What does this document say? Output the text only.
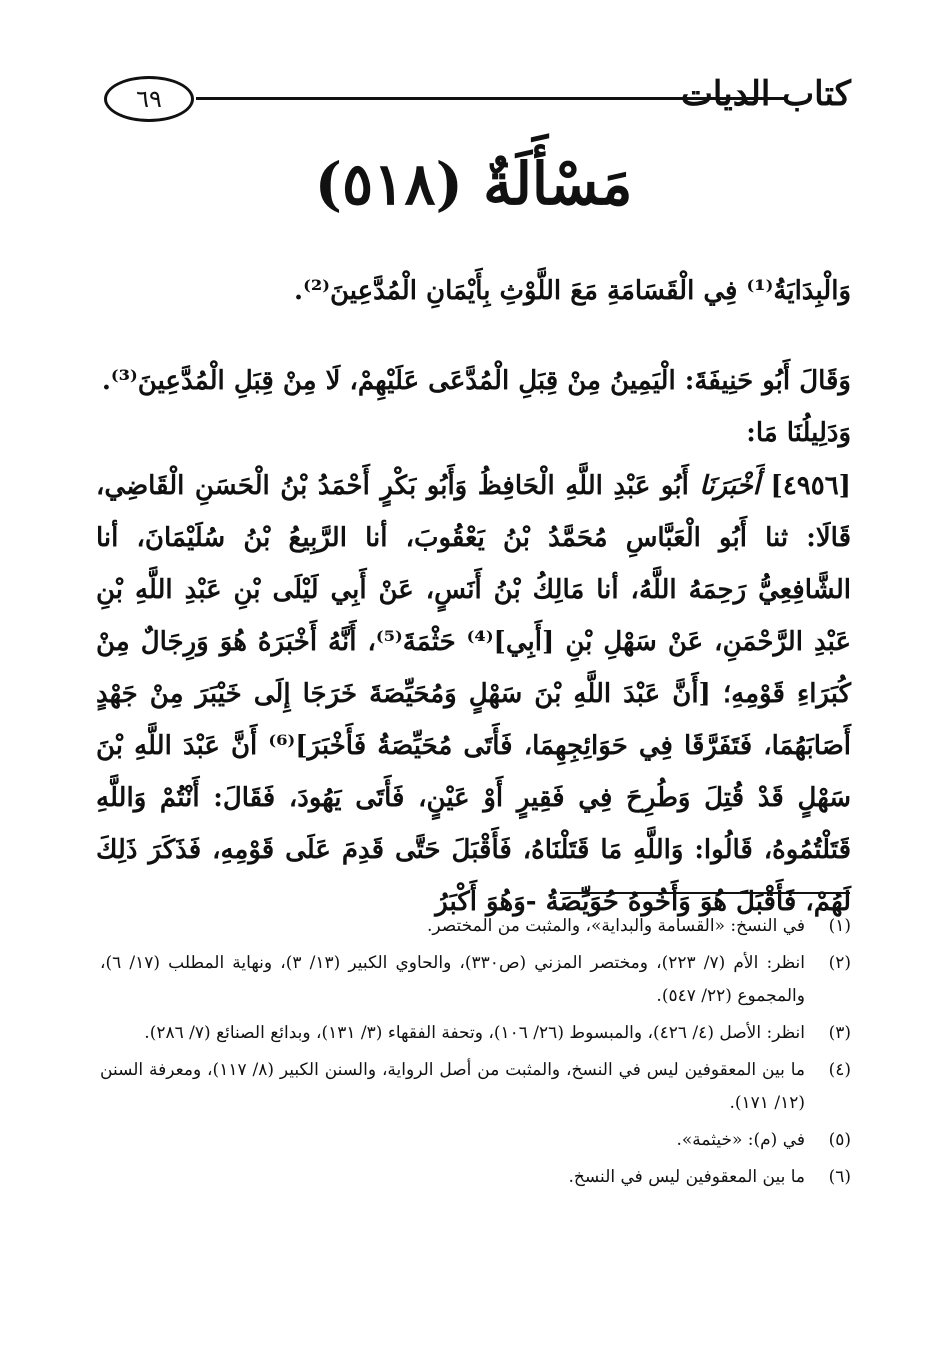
كتاب الديات
٦٩
مَسْأَلَةٌ (٥١٨)
وَالْبِدَايَةُ⁽¹⁾ فِي الْقَسَامَةِ مَعَ اللَّوْثِ بِأَيْمَانِ الْمُدَّعِينَ⁽²⁾.
وَقَالَ أَبُو حَنِيفَةَ: الْيَمِينُ مِنْ قِبَلِ الْمُدَّعَى عَلَيْهِمْ، لَا مِنْ قِبَلِ الْمُدَّعِينَ⁽³⁾.
وَدَلِيلُنَا مَا:
[٤٩٥٦] أَخْبَرَنَا أَبُو عَبْدِ اللَّهِ الْحَافِظُ وَأَبُو بَكْرٍ أَحْمَدُ بْنُ الْحَسَنِ الْقَاضِي، قَالَا: ثنا أَبُو الْعَبَّاسِ مُحَمَّدُ بْنُ يَعْقُوبَ، أنا الرَّبِيعُ بْنُ سُلَيْمَانَ، أنا الشَّافِعِيُّ رَحِمَهُ اللَّهُ، أنا مَالِكُ بْنُ أَنَسٍ، عَنْ أَبِي لَيْلَى بْنِ عَبْدِ اللَّهِ بْنِ عَبْدِ الرَّحْمَنِ، عَنْ سَهْلِ بْنِ [أَبِي]⁽⁴⁾ حَثْمَةَ⁽⁵⁾، أَنَّهُ أَخْبَرَهُ هُوَ وَرِجَالٌ مِنْ كُبَرَاءِ قَوْمِهِ؛ [أَنَّ عَبْدَ اللَّهِ بْنَ سَهْلٍ وَمُحَيِّصَةَ خَرَجَا إِلَى خَيْبَرَ مِنْ جَهْدٍ أَصَابَهُمَا، فَتَفَرَّقَا فِي حَوَائِجِهِمَا، فَأَتَى مُحَيِّصَةُ فَأَخْبَرَ]⁽⁶⁾ أَنَّ عَبْدَ اللَّهِ بْنَ سَهْلٍ قَدْ قُتِلَ وَطُرِحَ فِي فَقِيرٍ أَوْ عَيْنٍ، فَأَتَى يَهُودَ، فَقَالَ: أَنْتُمْ وَاللَّهِ قَتَلْتُمُوهُ، قَالُوا: وَاللَّهِ مَا قَتَلْنَاهُ، فَأَقْبَلَ حَتَّى قَدِمَ عَلَى قَوْمِهِ، فَذَكَرَ ذَلِكَ لَهُمْ، فَأَقْبَلَ هُوَ وَأَخُوهُ حُوَيِّصَةُ -وَهُوَ أَكْبَرُ
(١)
في النسخ: «القسامة والبداية»، والمثبت من المختصر.
(٢)
انظر: الأم (٧/ ٢٢٣)، ومختصر المزني (ص٣٣٠)، والحاوي الكبير (١٣/ ٣)، ونهاية المطلب (١٧/ ٦)، والمجموع (٢٢/ ٥٤٧).
(٣)
انظر: الأصل (٤/ ٤٢٦)، والمبسوط (٢٦/ ١٠٦)، وتحفة الفقهاء (٣/ ١٣١)، وبدائع الصنائع (٧/ ٢٨٦).
(٤)
ما بين المعقوفين ليس في النسخ، والمثبت من أصل الرواية، والسنن الكبير (٨/ ١١٧)، ومعرفة السنن (١٢/ ١٧١).
(٥)
في (م): «خيثمة».
(٦)
ما بين المعقوفين ليس في النسخ.
